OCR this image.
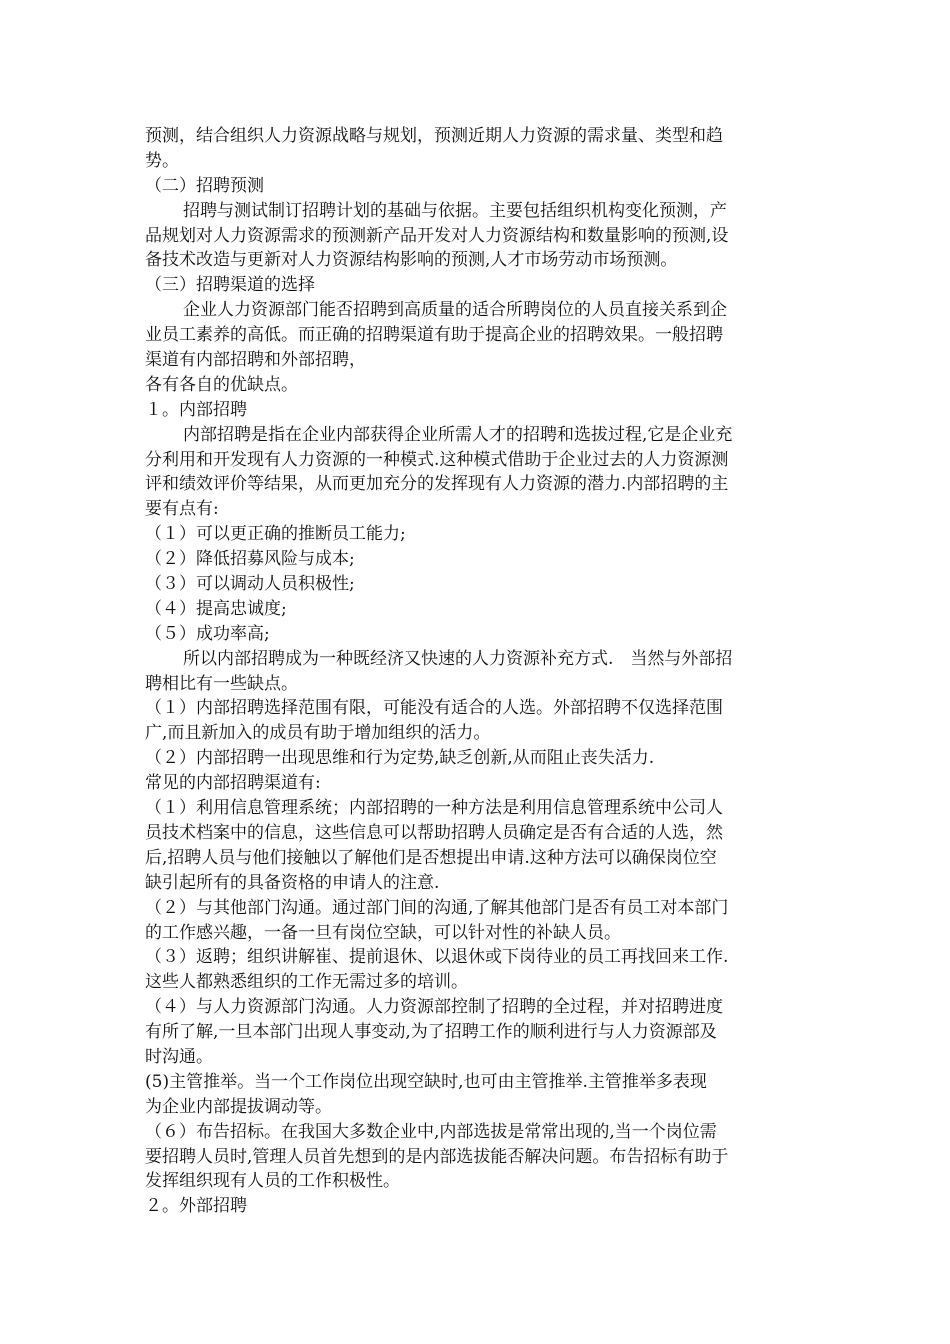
预测，结合组织人力资源战略与规划，预测近期人力资源的需求量、类型和趋
势。
（二）招聘预测
招聘与测试制订招聘计划的基础与依据。主要包括组织机构变化预测，产
品规划对人力资源需求的预测新产品开发对人力资源结构和数量影响的预测,设
备技术改造与更新对人力资源结构影响的预测,人才市场劳动市场预测。
（三）招聘渠道的选择
企业人力资源部门能否招聘到高质量的适合所聘岗位的人员直接关系到企
业员工素养的高低。而正确的招聘渠道有助于提高企业的招聘效果。一般招聘
渠道有内部招聘和外部招聘，
各有各自的优缺点。
１。内部招聘
内部招聘是指在企业内部获得企业所需人才的招聘和选拔过程,它是企业充
分利用和开发现有人力资源的一种模式.这种模式借助于企业过去的人力资源测
评和绩效评价等结果，从而更加充分的发挥现有人力资源的潜力.内部招聘的主
要有点有:
（１）可以更正确的推断员工能力;
（２）降低招募风险与成本;
（３）可以调动人员积极性;
（４）提高忠诚度;
（５）成功率高;
所以内部招聘成为一种既经济又快速的人力资源补充方式.　当然与外部招
聘相比有一些缺点。
（１）内部招聘选择范围有限，可能没有适合的人选。外部招聘不仅选择范围
广,而且新加入的成员有助于增加组织的活力。
（２）内部招聘一出现思维和行为定势,缺乏创新,从而阻止丧失活力.
常见的内部招聘渠道有:
（１）利用信息管理系统；内部招聘的一种方法是利用信息管理系统中公司人
员技术档案中的信息，这些信息可以帮助招聘人员确定是否有合适的人选，然
后,招聘人员与他们接触以了解他们是否想提出申请.这种方法可以确保岗位空
缺引起所有的具备资格的申请人的注意.
（２）与其他部门沟通。通过部门间的沟通,了解其他部门是否有员工对本部门
的工作感兴趣，一备一旦有岗位空缺，可以针对性的补缺人员。
（３）返聘；组织讲解崔、提前退休、以退休或下岗待业的员工再找回来工作.
这些人都熟悉组织的工作无需过多的培训。
（４）与人力资源部门沟通。人力资源部控制了招聘的全过程，并对招聘进度
有所了解,一旦本部门出现人事变动,为了招聘工作的顺利进行与人力资源部及
时沟通。
(5)主管推举。当一个工作岗位出现空缺时,也可由主管推举.主管推举多表现
为企业内部提拔调动等。
（６）布告招标。在我国大多数企业中,内部选拔是常常出现的,当一个岗位需
要招聘人员时,管理人员首先想到的是内部选拔能否解决问题。布告招标有助于
发挥组织现有人员的工作积极性。
２。外部招聘
